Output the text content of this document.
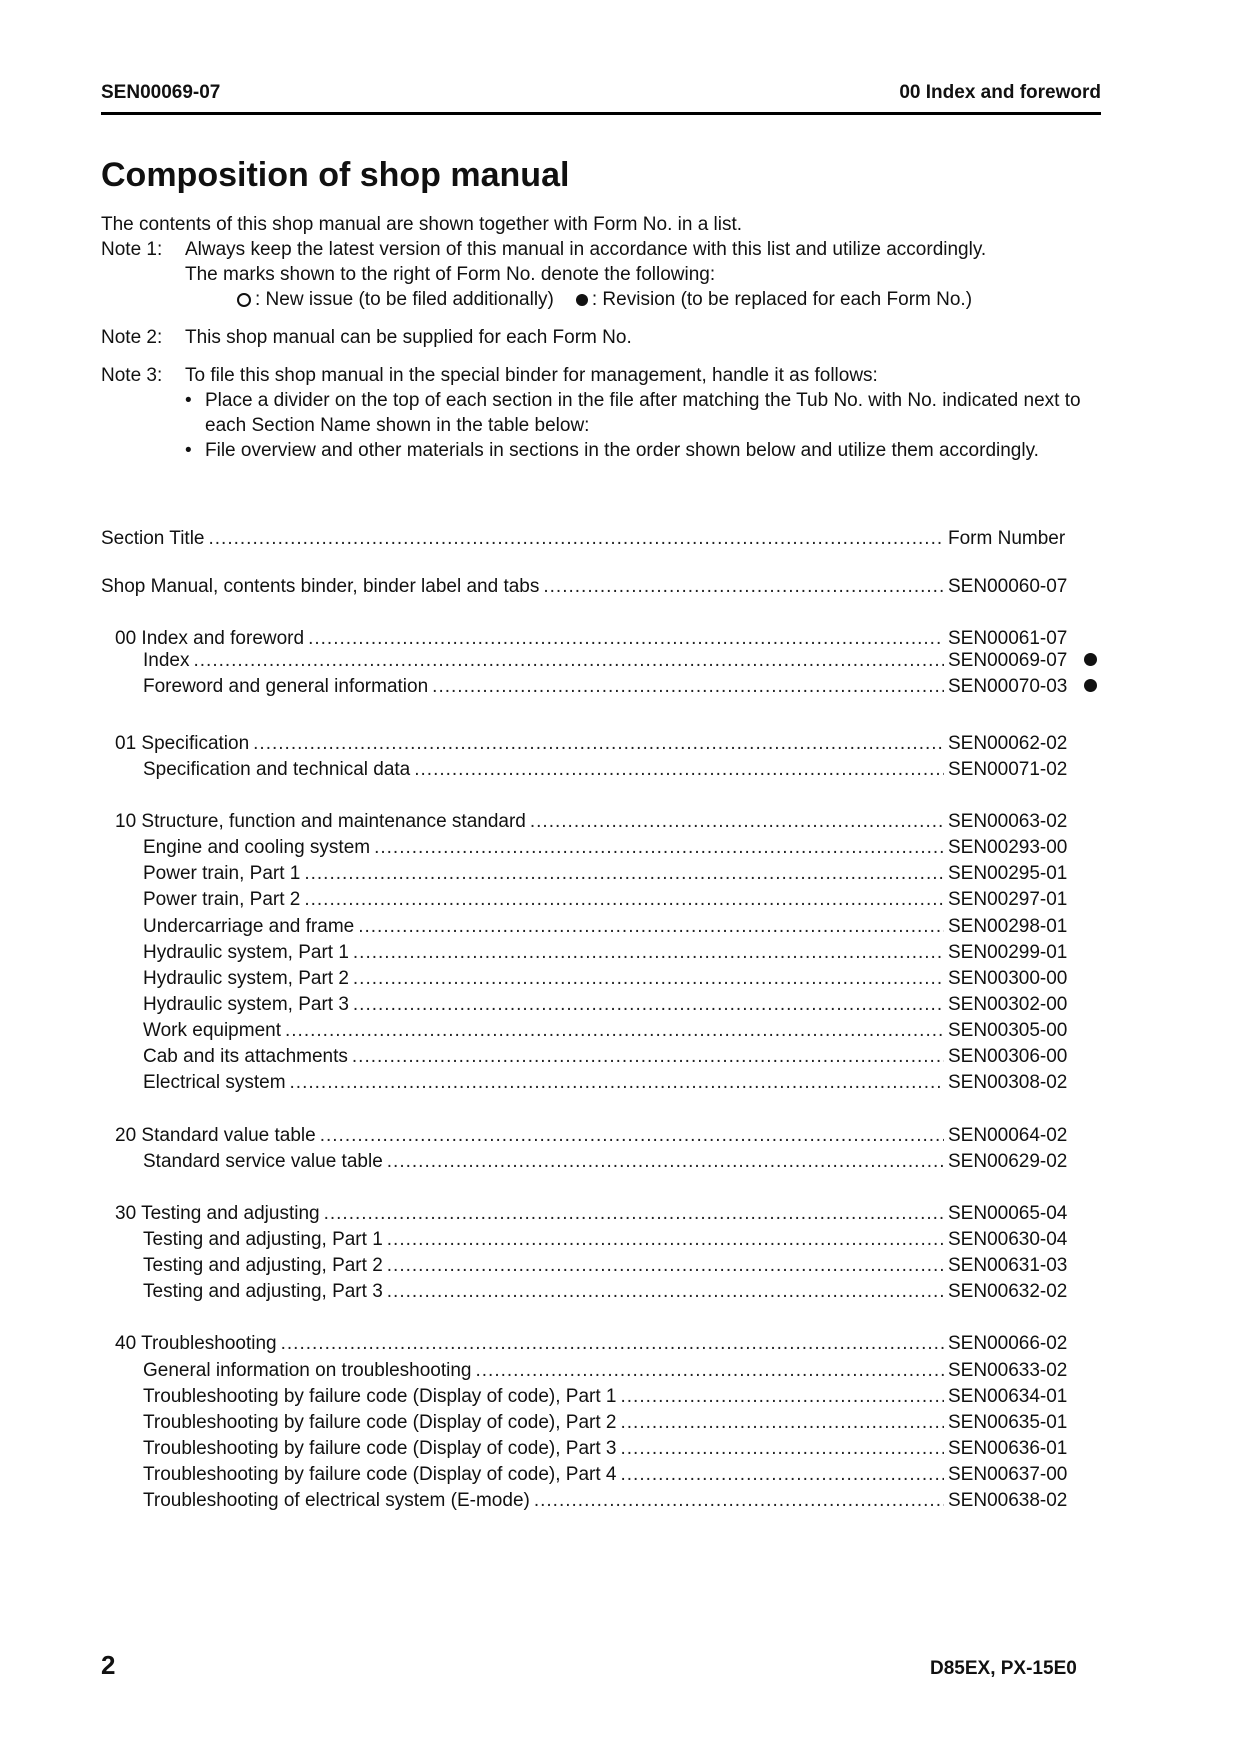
SEN00069-07	00 Index and foreword
Composition of shop manual
The contents of this shop manual are shown together with Form No. in a list.
Note 1:	Always keep the latest version of this manual in accordance with this list and utilize accordingly.
The marks shown to the right of Form No. denote the following:
: New issue (to be filed additionally) : Revision (to be replaced for each Form No.)
Note 2:	This shop manual can be supplied for each Form No.
Note 3:	To file this shop manual in the special binder for management, handle it as follows:
• Place a divider on the top of each section in the file after matching the Tub No. with No. indicated next to each Section Name shown in the table below:
• File overview and other materials in sections in the order shown below and utilize them accordingly.
Section Title .....	Form Number
Shop Manual, contents binder, binder label and tabs .....	SEN00060-07
00 Index and foreword .....	SEN00061-07
Index .....	SEN00069-07
Foreword and general information .....	SEN00070-03
01 Specification .....	SEN00062-02
Specification and technical data .....	SEN00071-02
10 Structure, function and maintenance standard .....	SEN00063-02
Engine and cooling system .....	SEN00293-00
Power train, Part 1 .....	SEN00295-01
Power train, Part 2 .....	SEN00297-01
Undercarriage and frame .....	SEN00298-01
Hydraulic system, Part 1 .....	SEN00299-01
Hydraulic system, Part 2 .....	SEN00300-00
Hydraulic system, Part 3 .....	SEN00302-00
Work equipment .....	SEN00305-00
Cab and its attachments .....	SEN00306-00
Electrical system .....	SEN00308-02
20 Standard value table .....	SEN00064-02
Standard service value table .....	SEN00629-02
30 Testing and adjusting .....	SEN00065-04
Testing and adjusting, Part 1 .....	SEN00630-04
Testing and adjusting, Part 2 .....	SEN00631-03
Testing and adjusting, Part 3 .....	SEN00632-02
40 Troubleshooting .....	SEN00066-02
General information on troubleshooting .....	SEN00633-02
Troubleshooting by failure code (Display of code), Part 1 .....	SEN00634-01
Troubleshooting by failure code (Display of code), Part 2 .....	SEN00635-01
Troubleshooting by failure code (Display of code), Part 3 .....	SEN00636-01
Troubleshooting by failure code (Display of code), Part 4 .....	SEN00637-00
Troubleshooting of electrical system (E-mode) .....	SEN00638-02
2	D85EX, PX-15E0
